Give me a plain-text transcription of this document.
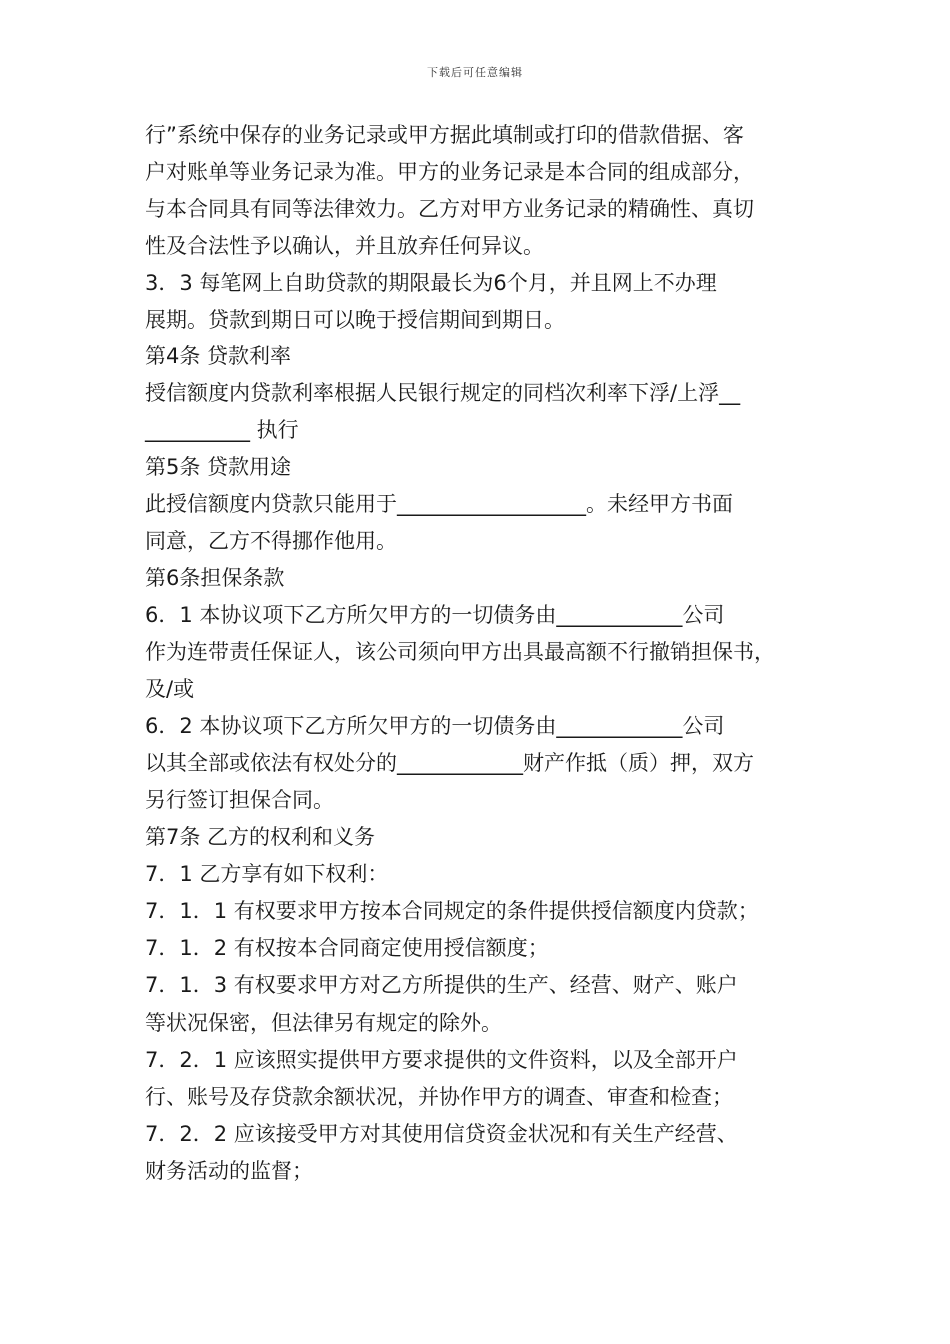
下载后可任意编辑
行”系统中保存的业务记录或甲方据此填制或打印的借款借据、客
户对账单等业务记录为准。甲方的业务记录是本合同的组成部分，
与本合同具有同等法律效力。乙方对甲方业务记录的精确性、真切
性及合法性予以确认，并且放弃任何异议。
3．3 每笔网上自助贷款的期限最长为6个月，并且网上不办理
展期。贷款到期日可以晚于授信期间到期日。
第4条 贷款利率
授信额度内贷款利率根据人民银行规定的同档次利率下浮/上浮__
__________ 执行
第5条 贷款用途
此授信额度内贷款只能用于__________________。未经甲方书面
同意，乙方不得挪作他用。
第6条担保条款
6．1 本协议项下乙方所欠甲方的一切债务由____________公司
作为连带责任保证人，该公司须向甲方出具最高额不行撤销担保书，
及/或
6．2 本协议项下乙方所欠甲方的一切债务由____________公司
以其全部或依法有权处分的____________财产作抵（质）押，双方
另行签订担保合同。
第7条 乙方的权利和义务
7．1 乙方享有如下权利：
7．1．1 有权要求甲方按本合同规定的条件提供授信额度内贷款；
7．1．2 有权按本合同商定使用授信额度；
7．1．3 有权要求甲方对乙方所提供的生产、经营、财产、账户
等状况保密，但法律另有规定的除外。
7．2．1 应该照实提供甲方要求提供的文件资料，以及全部开户
行、账号及存贷款余额状况，并协作甲方的调查、审查和检查；
7．2．2 应该接受甲方对其使用信贷资金状况和有关生产经营、
财务活动的监督；
